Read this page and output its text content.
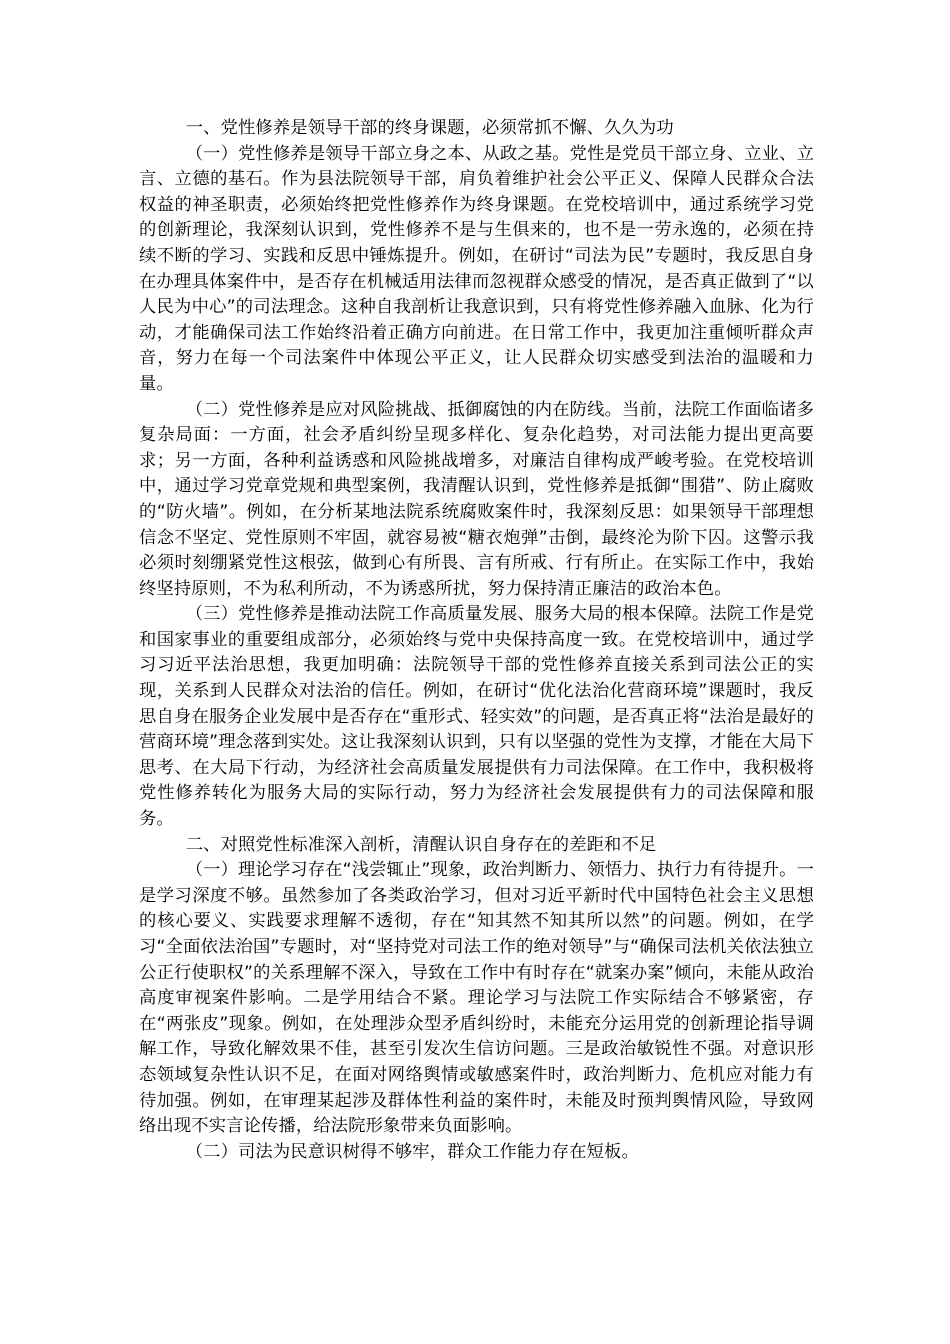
一、党性修养是领导干部的终身课题，必须常抓不懈、久久为功

（一）党性修养是领导干部立身之本、从政之基。党性是党员干部立身、立业、立言、立德的基石。作为县法院领导干部，肩负着维护社会公平正义、保障人民群众合法权益的神圣职责，必须始终把党性修养作为终身课题。在党校培训中，通过系统学习党的创新理论，我深刻认识到，党性修养不是与生俱来的，也不是一劳永逸的，必须在持续不断的学习、实践和反思中锤炼提升。例如，在研讨“司法为民”专题时，我反思自身在办理具体案件中，是否存在机械适用法律而忽视群众感受的情况，是否真正做到了“以人民为中心”的司法理念。这种自我剖析让我意识到，只有将党性修养融入血脉、化为行动，才能确保司法工作始终沿着正确方向前进。在日常工作中，我更加注重倾听群众声音，努力在每一个司法案件中体现公平正义，让人民群众切实感受到法治的温暖和力量。

（二）党性修养是应对风险挑战、抵御腐蚀的内在防线。当前，法院工作面临诸多复杂局面：一方面，社会矛盾纠纷呈现多样化、复杂化趋势，对司法能力提出更高要求；另一方面，各种利益诱惑和风险挑战增多，对廉洁自律构成严峻考验。在党校培训中，通过学习党章党规和典型案例，我清醒认识到，党性修养是抵御“围猎”、防止腐败的“防火墙”。例如，在分析某地法院系统腐败案件时，我深刻反思：如果领导干部理想信念不坚定、党性原则不牢固，就容易被“糖衣炮弹”击倒，最终沦为阶下囚。这警示我必须时刻绷紧党性这根弦，做到心有所畏、言有所戒、行有所止。在实际工作中，我始终坚持原则，不为私利所动，不为诱惑所扰，努力保持清正廉洁的政治本色。

（三）党性修养是推动法院工作高质量发展、服务大局的根本保障。法院工作是党和国家事业的重要组成部分，必须始终与党中央保持高度一致。在党校培训中，通过学习习近平法治思想，我更加明确：法院领导干部的党性修养直接关系到司法公正的实现，关系到人民群众对法治的信任。例如，在研讨“优化法治化营商环境”课题时，我反思自身在服务企业发展中是否存在“重形式、轻实效”的问题，是否真正将“法治是最好的营商环境”理念落到实处。这让我深刻认识到，只有以坚强的党性为支撑，才能在大局下思考、在大局下行动，为经济社会高质量发展提供有力司法保障。在工作中，我积极将党性修养转化为服务大局的实际行动，努力为经济社会发展提供有力的司法保障和服务。

二、对照党性标准深入剖析，清醒认识自身存在的差距和不足

（一）理论学习存在“浅尝辄止”现象，政治判断力、领悟力、执行力有待提升。一是学习深度不够。虽然参加了各类政治学习，但对习近平新时代中国特色社会主义思想的核心要义、实践要求理解不透彻，存在“知其然不知其所以然”的问题。例如，在学习“全面依法治国”专题时，对“坚持党对司法工作的绝对领导”与“确保司法机关依法独立公正行使职权”的关系理解不深入，导致在工作中有时存在“就案办案”倾向，未能从政治高度审视案件影响。二是学用结合不紧。理论学习与法院工作实际结合不够紧密，存在“两张皮”现象。例如，在处理涉众型矛盾纠纷时，未能充分运用党的创新理论指导调解工作，导致化解效果不佳，甚至引发次生信访问题。三是政治敏锐性不强。对意识形态领域复杂性认识不足，在面对网络舆情或敏感案件时，政治判断力、危机应对能力有待加强。例如，在审理某起涉及群体性利益的案件时，未能及时预判舆情风险，导致网络出现不实言论传播，给法院形象带来负面影响。

（二）司法为民意识树得不够牢，群众工作能力存在短板。
